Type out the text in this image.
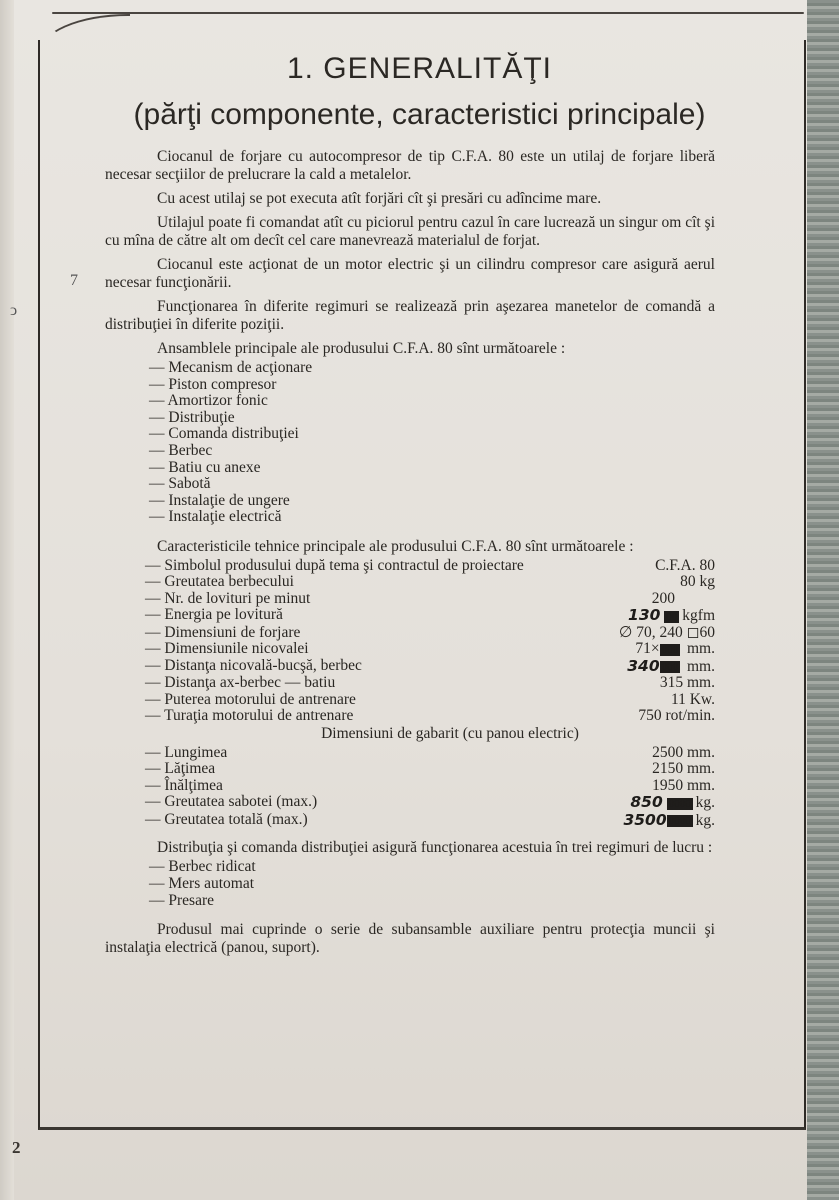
1. GENERALITĂŢI
(părţi componente, caracteristici principale)
7
ↄ

Ciocanul de forjare cu autocompresor de tip C.F.A. 80 este un utilaj de forjare liberă necesar secţiilor de prelucrare la cald a metalelor.

Cu acest utilaj se pot executa atît forjări cît şi presări cu adîncime mare.

Utilajul poate fi comandat atît cu piciorul pentru cazul în care lucrează un singur om cît şi cu mîna de către alt om decît cel care manevrează materialul de forjat.

Ciocanul este acţionat de un motor electric şi un cilindru compresor care asigură aerul necesar funcţionării.

Funcţionarea în diferite regimuri se realizează prin aşezarea manetelor de comandă a distribuţiei în diferite poziţii.

Ansamblele principale ale produsului C.F.A. 80 sînt următoarele :

— Mecanism de acţionare
— Piston compresor
— Amortizor fonic
— Distribuţie
— Comanda distribuţiei
— Berbec
— Batiu cu anexe
— Sabotă
— Instalaţie de ungere
— Instalaţie electrică

Caracteristicile tehnice principale ale produsului C.F.A. 80 sînt următoarele :

— Simbolul produsului după tema şi contractul de proiectare	C.F.A. 80
— Greutatea berbecului	80 kg
— Nr. de lovituri pe minut	200
— Energia pe lovitură	130 00 kgfm
— Dimensiuni de forjare	∅ 70, 240 ◻60
— Dimensiunile nicovalei	71× 000 mm.
— Distanţa nicovală-bucşă, berbec	340 000 mm.
— Distanţa ax-berbec — batiu	315 mm.
— Puterea motorului de antrenare	11 Kw.
— Turaţia motorului de antrenare	750 rot/min.
Dimensiuni de gabarit (cu panou electric)
— Lungimea	2500 mm.
— Lăţimea	2150 mm.
— Înălţimea	1950 mm.
— Greutatea sabotei (max.)	850 0000 kg.
— Greutatea totală (max.)	3500 0000 kg.

Distribuţia şi comanda distribuţiei asigură funcţionarea acestuia în trei regimuri de lucru :

— Berbec ridicat
— Mers automat
— Presare

Produsul mai cuprinde o serie de subansamble auxiliare pentru protecţia muncii şi instalaţia electrică (panou, suport).

2
